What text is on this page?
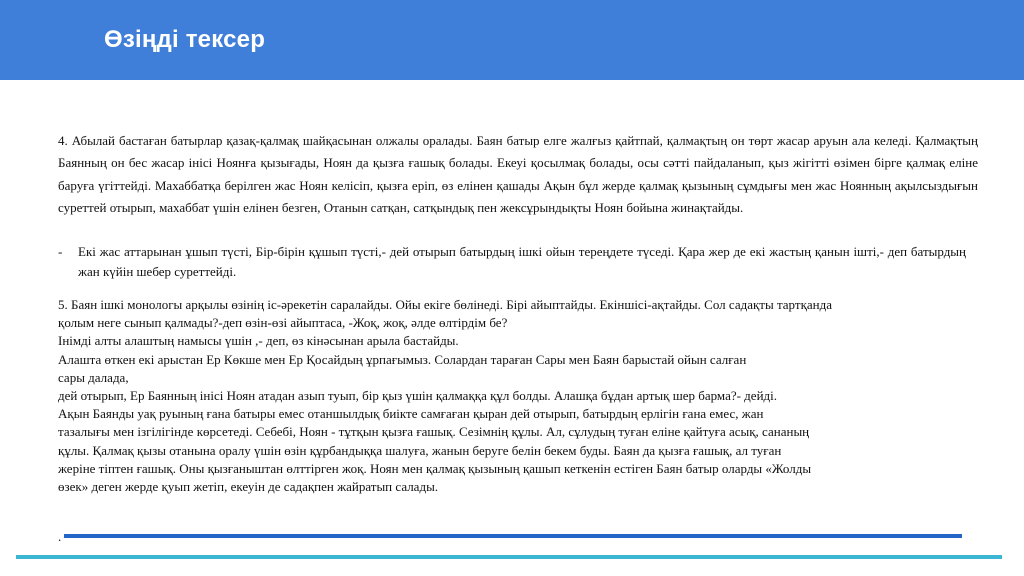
Өзіңді тексер
4. Абылай бастаған батырлар қазақ-қалмақ шайқасынан олжалы оралады. Баян батыр елге жалғыз қайтпай, қалмақтың он төрт жасар аруын ала келеді. Қалмақтың Баянның он бес жасар інісі Ноянға қызығады, Ноян да қызға ғашық болады. Екеуі қосылмақ болады, осы сәтті пайдаланып, қыз жігітті өзімен бірге қалмақ еліне баруға үгіттейді. Махаббатқа берілген жас Ноян келісіп, қызға еріп, өз елінен қашады Ақын бұл жерде қалмақ қызының сұмдығы мен жас Ноянның ақылсыздығын суреттей отырып, махаббат үшін елінен безген, Отанын сатқан, сатқындық пен жексұрындықты Ноян бойына жинақтайды.
- Екі жас аттарынан ұшып түсті, Бір-бірін құшып түсті,- дей отырып батырдың ішкі ойын тереңдете түседі. Қара жер де екі жастың қанын ішті,- деп батырдың жан күйін шебер суреттейді.
5. Баян ішкі монологы арқылы өзінің іс-әрекетін саралайды. Ойы екіге бөлінеді. Бірі айыптайды. Екіншісі-ақтайды. Сол садақты тартқанда
қолым неге сынып қалмады?-деп өзін-өзі айыптаса, -Жоқ, жоқ, әлде өлтірдім бе?
Інімді алты алаштың намысы үшін ,- деп, өз кінәсынан арыла бастайды.
Алашта өткен екі арыстан Ер Көкше мен Ер Қосайдың ұрпағымыз. Солардан тараған Сары мен Баян барыстай ойын салған
сары далада,
дей отырып, Ер Баянның інісі Ноян атадан азып туып, бір қыз үшін қалмаққа құл болды. Алашқа бұдан артық шер барма?- дейді.
Ақын Баянды уақ руының ғана батыры емес отаншылдық биікте самғаған қыран дей отырып, батырдың ерлігін ғана емес, жан
тазалығы мен ізгілігінде көрсетеді. Себебі, Ноян - тұтқын қызға ғашық. Сезімнің құлы. Ал, сұлудың туған еліне қайтуға асық, сананың
құлы. Қалмақ қызы отанына оралу үшін өзін құрбандыққа шалуға, жанын беруге белін бекем буды. Баян да қызға ғашық, ал туған
жеріне тіптен ғашық. Оны қызғаныштан өлттірген жоқ. Ноян мен қалмақ қызының қашып кеткенін естіген Баян батыр оларды «Жолды
өзек» деген жерде қуып жетіп, екеуін де садақпен жайратып салады.
.
